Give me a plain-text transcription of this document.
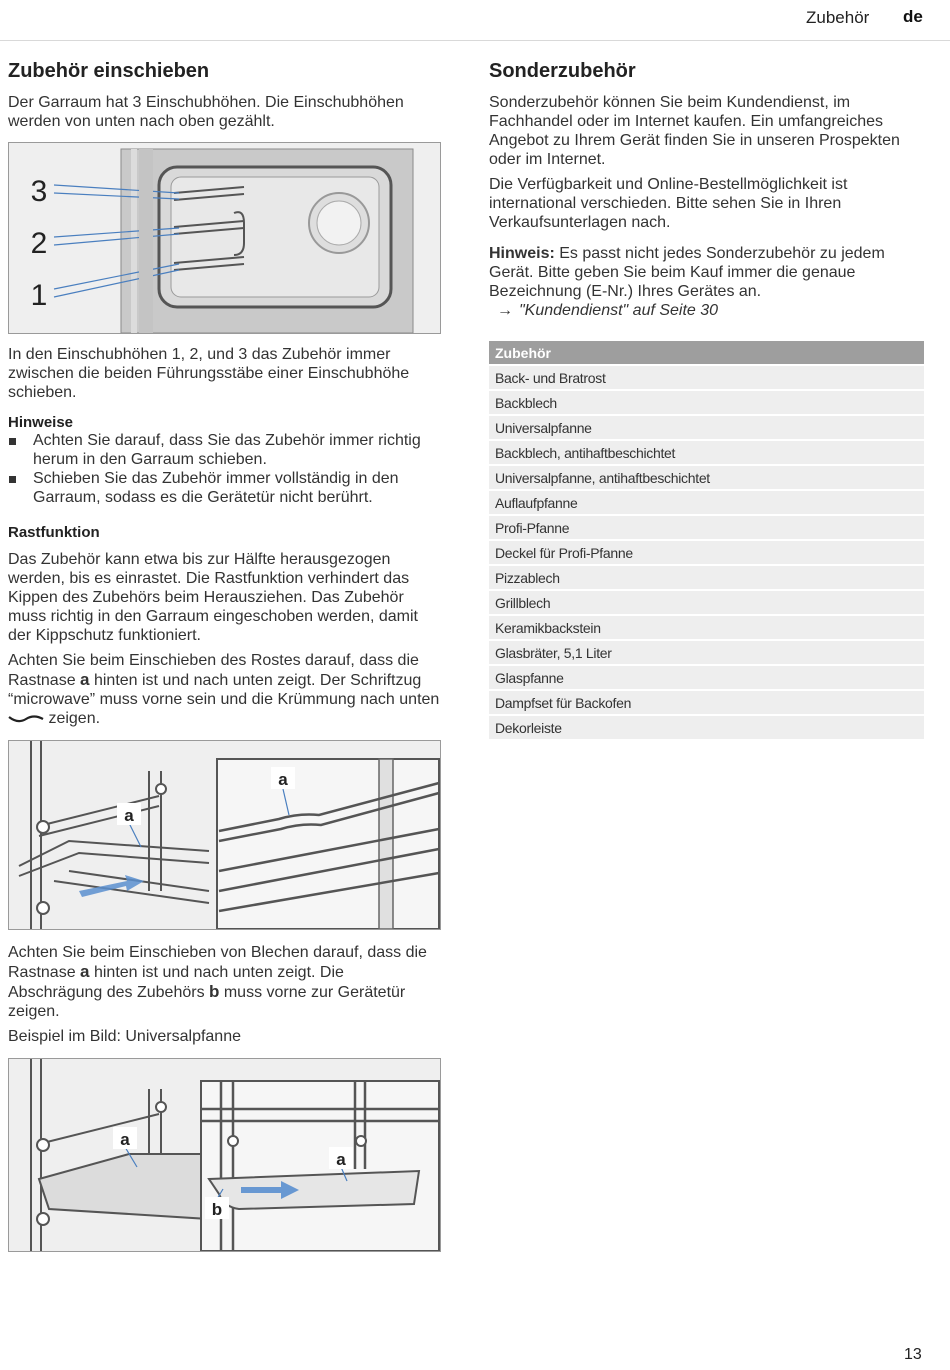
Zubehör de
Zubehör einschieben

Der Garraum hat 3 Einschubhöhen. Die Einschubhöhen werden von unten nach oben gezählt.

3
2
1

In den Einschubhöhen 1, 2, und 3 das Zubehör immer zwischen die beiden Führungsstäbe einer Einschubhöhe schieben.

Hinweise
Achten Sie darauf, dass Sie das Zubehör immer richtig herum in den Garraum schieben.
Schieben Sie das Zubehör immer vollständig in den Garraum, sodass es die Gerätetür nicht berührt.
Rastfunktion

Das Zubehör kann etwa bis zur Hälfte herausgezogen werden, bis es einrastet. Die Rastfunktion verhindert das Kippen des Zubehörs beim Herausziehen. Das Zubehör muss richtig in den Garraum eingeschoben werden, damit der Kippschutz funktioniert.

Achten Sie beim Einschieben des Rostes darauf, dass die Rastnase a hinten ist und nach unten zeigt. Der Schriftzug “microwave” muss vorne sein und die Krümmung nach unten  zeigen.

a
a

Achten Sie beim Einschieben von Blechen darauf, dass die Rastnase a hinten ist und nach unten zeigt. Die Abschrägung des Zubehörs b muss vorne zur Gerätetür zeigen.

Beispiel im Bild: Universalpfanne

a
a
b
Sonderzubehör

Sonderzubehör können Sie beim Kundendienst, im Fachhandel oder im Internet kaufen. Ein umfangreiches Angebot zu Ihrem Gerät finden Sie in unseren Prospekten oder im Internet.

Die Verfügbarkeit und Online-Bestellmöglichkeit ist international verschieden. Bitte sehen Sie in Ihren Verkaufsunterlagen nach.

Hinweis: Es passt nicht jedes Sonderzubehör zu jedem Gerät. Bitte geben Sie beim Kauf immer die genaue Bezeichnung (E-Nr.) Ihres Gerätes an.

→ "Kundendienst" auf Seite 30
Zubehör
Back- und Bratrost
Backblech
Universalpfanne
Backblech, antihaftbeschichtet
Universalpfanne, antihaftbeschichtet
Auflaufpfanne
Profi-Pfanne
Deckel für Profi-Pfanne
Pizzablech
Grillblech
Keramikbackstein
Glasbräter, 5,1 Liter
Glaspfanne
Dampfset für Backofen
Dekorleiste
13
